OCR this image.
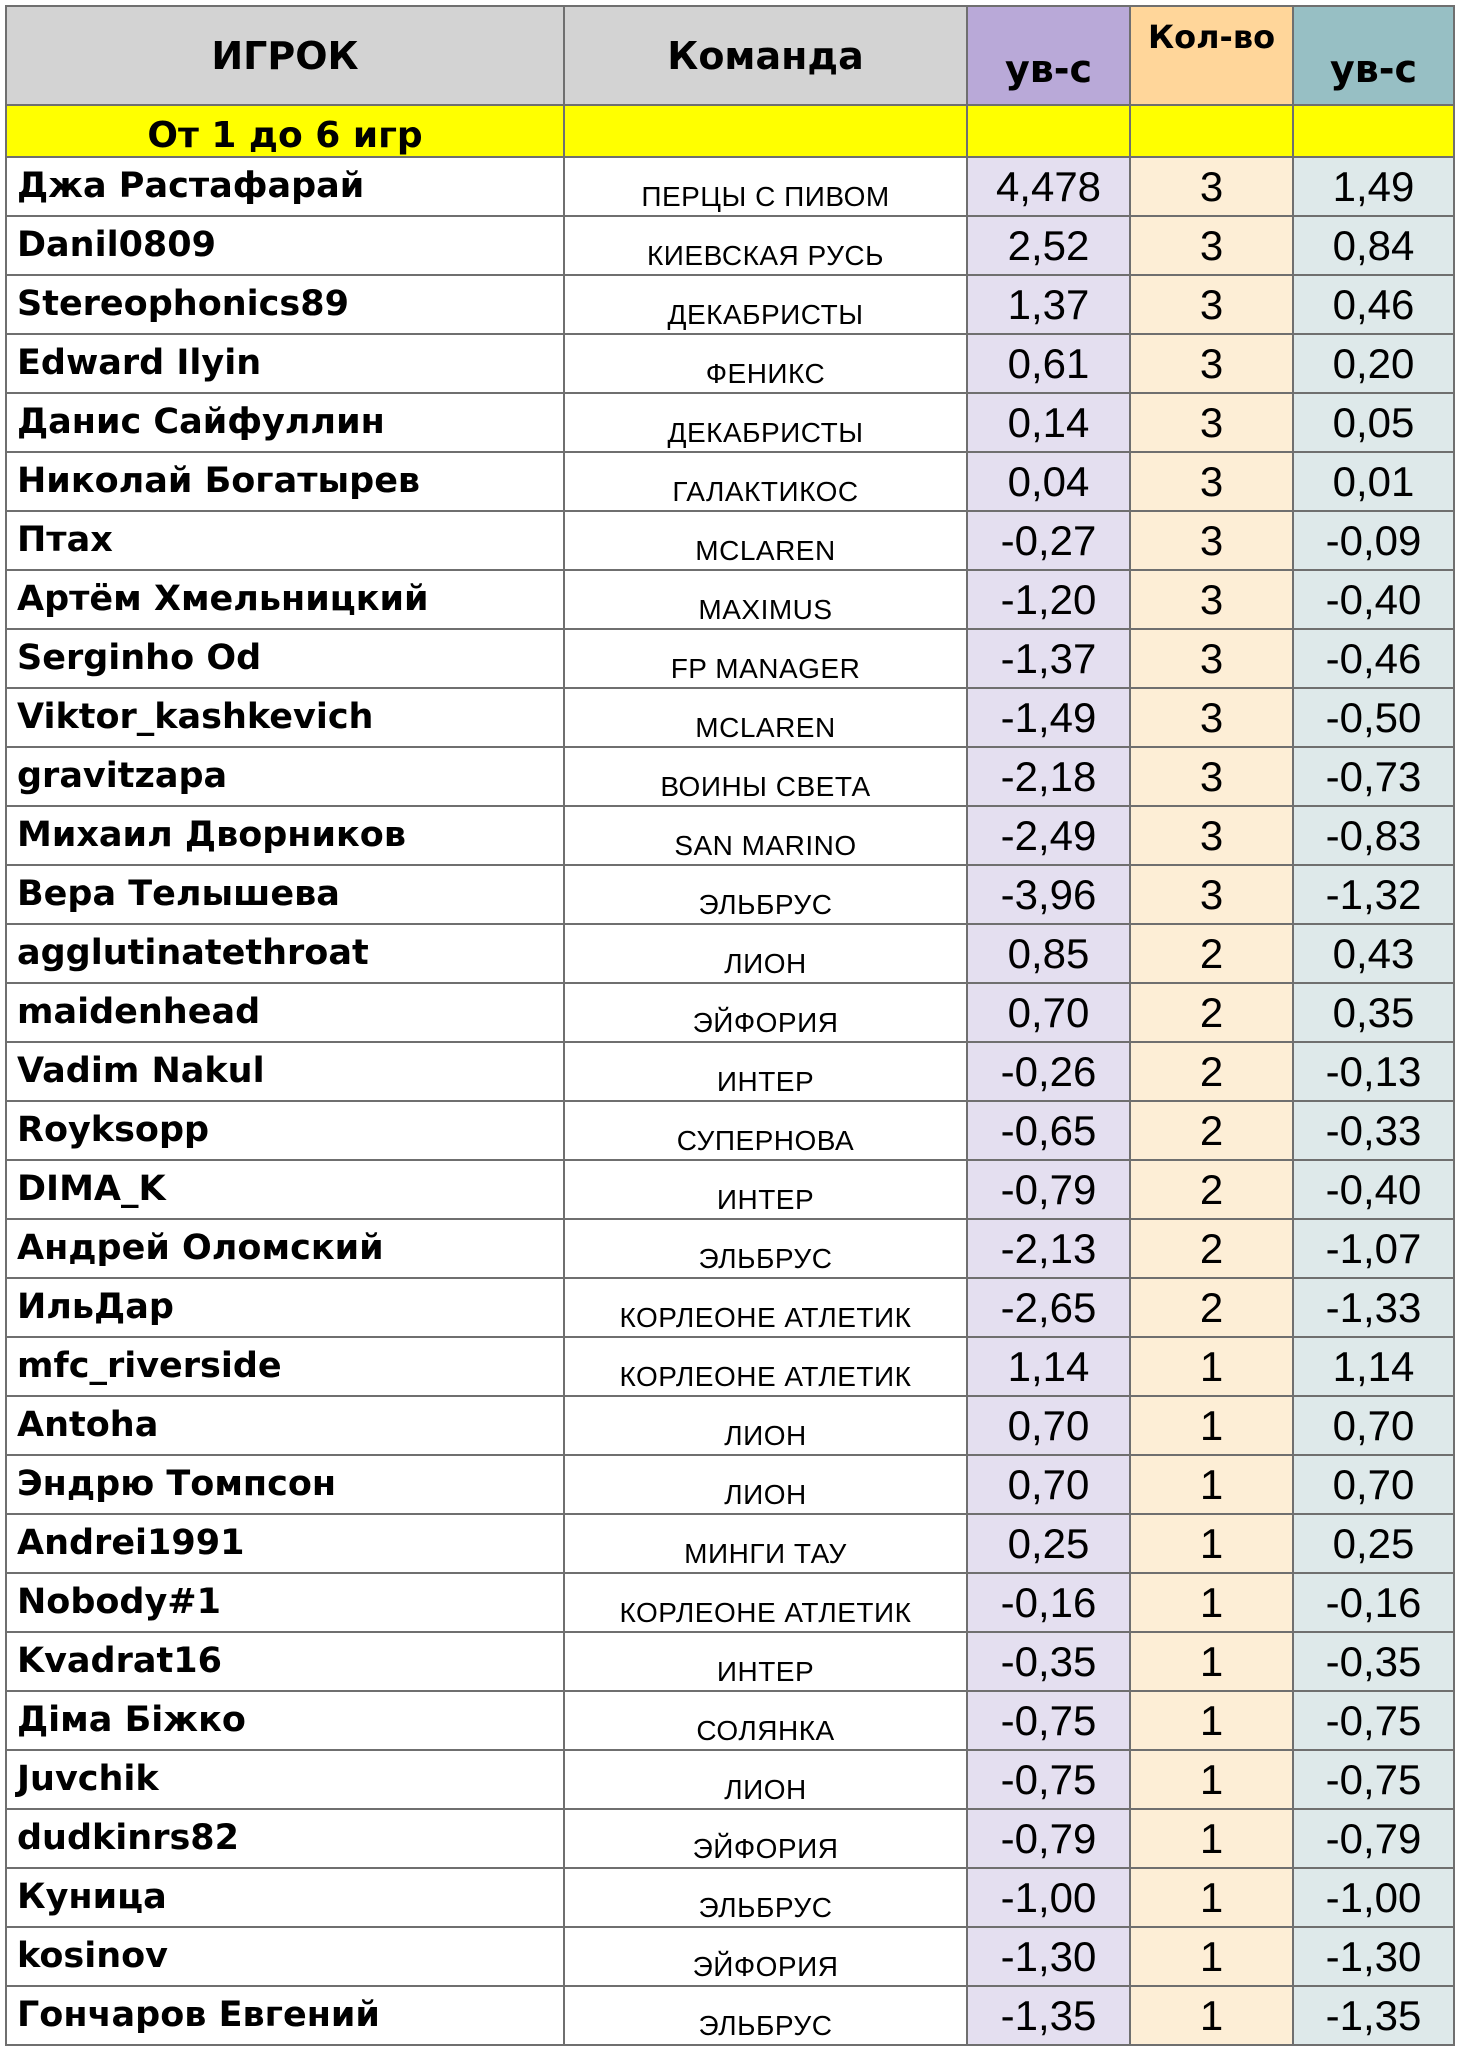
ИГРОК	Команда	ув-с	Кол-во	ув-с
От 1 до 6 игр				
Джа Растафарай	ПЕРЦЫ С ПИВОМ	4,478	3	1,49
Danil0809	КИЕВСКАЯ РУСЬ	2,52	3	0,84
Stereophonics89	ДЕКАБРИСТЫ	1,37	3	0,46
Edward Ilyin	ФЕНИКС	0,61	3	0,20
Данис Сайфуллин	ДЕКАБРИСТЫ	0,14	3	0,05
Николай Богатырев	ГАЛАКТИКОС	0,04	3	0,01
Птах	MCLAREN	-0,27	3	-0,09
Артём Хмельницкий	MAXIMUS	-1,20	3	-0,40
Serginho Od	FP MANAGER	-1,37	3	-0,46
Viktor_kashkevich	MCLAREN	-1,49	3	-0,50
gravitzapa	ВОИНЫ СВЕТА	-2,18	3	-0,73
Михаил Дворников	SAN MARINO	-2,49	3	-0,83
Вера Телышева	ЭЛЬБРУС	-3,96	3	-1,32
agglutinatethroat	ЛИОН	0,85	2	0,43
maidenhead	ЭЙФОРИЯ	0,70	2	0,35
Vadim Nakul	ИНТЕР	-0,26	2	-0,13
Royksopp	СУПЕРНОВА	-0,65	2	-0,33
DIMA_K	ИНТЕР	-0,79	2	-0,40
Андрей Оломский	ЭЛЬБРУС	-2,13	2	-1,07
ИльДар	КОРЛЕОНЕ АТЛЕТИК	-2,65	2	-1,33
mfc_riverside	КОРЛЕОНЕ АТЛЕТИК	1,14	1	1,14
Antoha	ЛИОН	0,70	1	0,70
Эндрю Томпсон	ЛИОН	0,70	1	0,70
Andrei1991	МИНГИ ТАУ	0,25	1	0,25
Nobody#1	КОРЛЕОНЕ АТЛЕТИК	-0,16	1	-0,16
Kvadrat16	ИНТЕР	-0,35	1	-0,35
Діма Біжко	СОЛЯНКА	-0,75	1	-0,75
Juvchik	ЛИОН	-0,75	1	-0,75
dudkinrs82	ЭЙФОРИЯ	-0,79	1	-0,79
Куница	ЭЛЬБРУС	-1,00	1	-1,00
kosinov	ЭЙФОРИЯ	-1,30	1	-1,30
Гончаров Евгений	ЭЛЬБРУС	-1,35	1	-1,35
